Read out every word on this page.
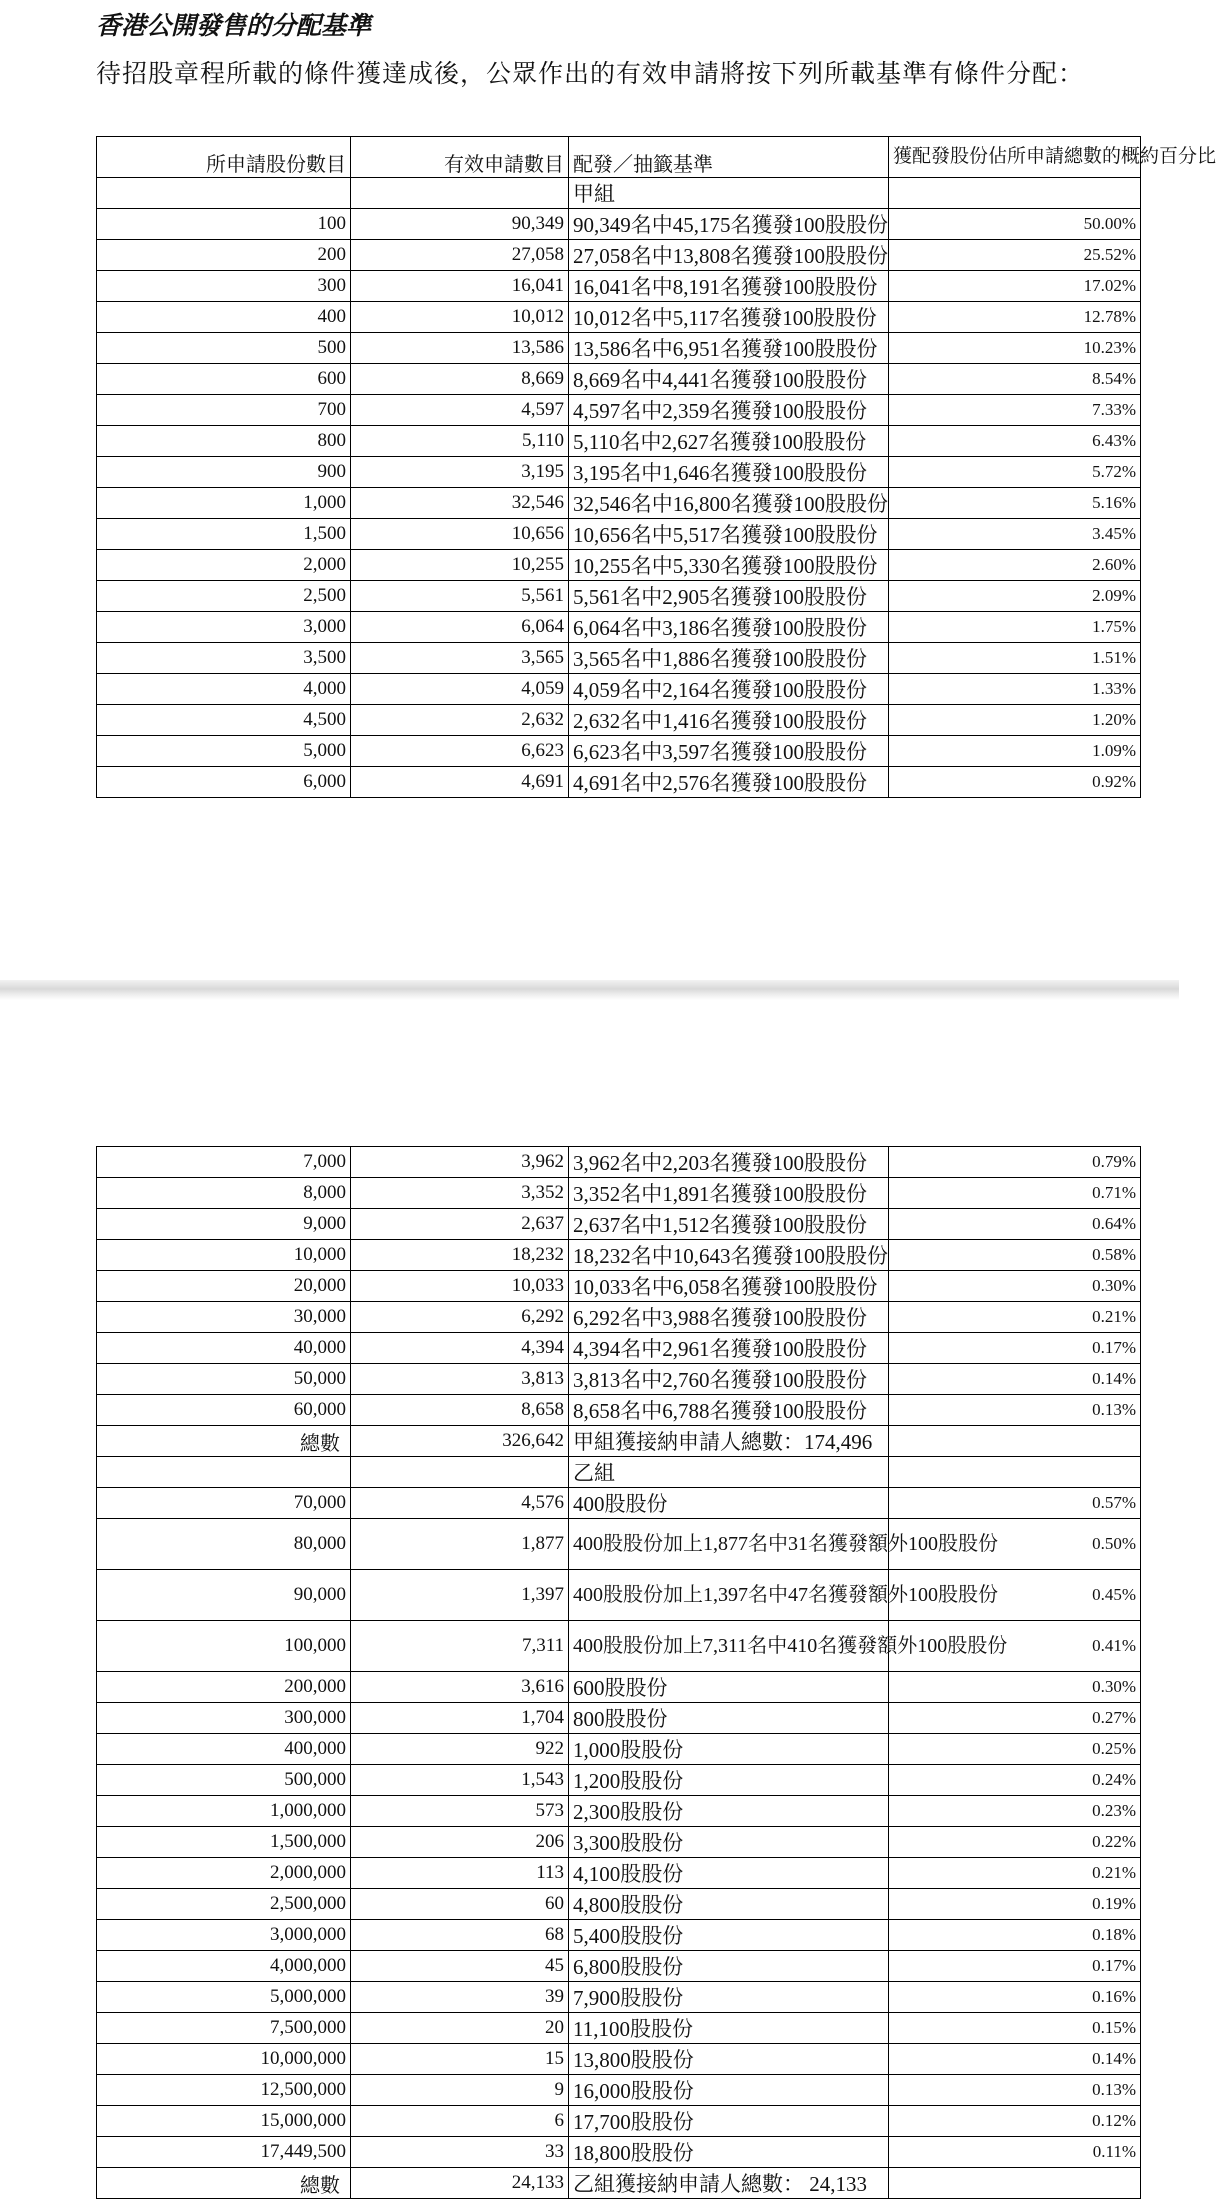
香港公開發售的分配基準
待招股章程所載的條件獲達成後，公眾作出的有效申請將按下列所載基準有條件分配：
所申請股份數目	有效申請數目	配發／抽籤基準	獲配發股份佔所申請總數的概約百分比
		甲組	
100	90,349	90,349名中45,175名獲發100股股份	50.00%
200	27,058	27,058名中13,808名獲發100股股份	25.52%
300	16,041	16,041名中8,191名獲發100股股份	17.02%
400	10,012	10,012名中5,117名獲發100股股份	12.78%
500	13,586	13,586名中6,951名獲發100股股份	10.23%
600	8,669	8,669名中4,441名獲發100股股份	8.54%
700	4,597	4,597名中2,359名獲發100股股份	7.33%
800	5,110	5,110名中2,627名獲發100股股份	6.43%
900	3,195	3,195名中1,646名獲發100股股份	5.72%
1,000	32,546	32,546名中16,800名獲發100股股份	5.16%
1,500	10,656	10,656名中5,517名獲發100股股份	3.45%
2,000	10,255	10,255名中5,330名獲發100股股份	2.60%
2,500	5,561	5,561名中2,905名獲發100股股份	2.09%
3,000	6,064	6,064名中3,186名獲發100股股份	1.75%
3,500	3,565	3,565名中1,886名獲發100股股份	1.51%
4,000	4,059	4,059名中2,164名獲發100股股份	1.33%
4,500	2,632	2,632名中1,416名獲發100股股份	1.20%
5,000	6,623	6,623名中3,597名獲發100股股份	1.09%
6,000	4,691	4,691名中2,576名獲發100股股份	0.92%
7,000	3,962	3,962名中2,203名獲發100股股份	0.79%
8,000	3,352	3,352名中1,891名獲發100股股份	0.71%
9,000	2,637	2,637名中1,512名獲發100股股份	0.64%
10,000	18,232	18,232名中10,643名獲發100股股份	0.58%
20,000	10,033	10,033名中6,058名獲發100股股份	0.30%
30,000	6,292	6,292名中3,988名獲發100股股份	0.21%
40,000	4,394	4,394名中2,961名獲發100股股份	0.17%
50,000	3,813	3,813名中2,760名獲發100股股份	0.14%
60,000	8,658	8,658名中6,788名獲發100股股份	0.13%
總數	326,642	甲組獲接納申請人總數：174,496	
		乙組	
70,000	4,576	400股股份	0.57%
80,000	1,877	400股股份加上1,877名中31名獲發額外100股股份	0.50%
90,000	1,397	400股股份加上1,397名中47名獲發額外100股股份	0.45%
100,000	7,311	400股股份加上7,311名中410名獲發額外100股股份	0.41%
200,000	3,616	600股股份	0.30%
300,000	1,704	800股股份	0.27%
400,000	922	1,000股股份	0.25%
500,000	1,543	1,200股股份	0.24%
1,000,000	573	2,300股股份	0.23%
1,500,000	206	3,300股股份	0.22%
2,000,000	113	4,100股股份	0.21%
2,500,000	60	4,800股股份	0.19%
3,000,000	68	5,400股股份	0.18%
4,000,000	45	6,800股股份	0.17%
5,000,000	39	7,900股股份	0.16%
7,500,000	20	11,100股股份	0.15%
10,000,000	15	13,800股股份	0.14%
12,500,000	9	16,000股股份	0.13%
15,000,000	6	17,700股股份	0.12%
17,449,500	33	18,800股股份	0.11%
總數	24,133	乙組獲接納申請人總數： 24,133	
